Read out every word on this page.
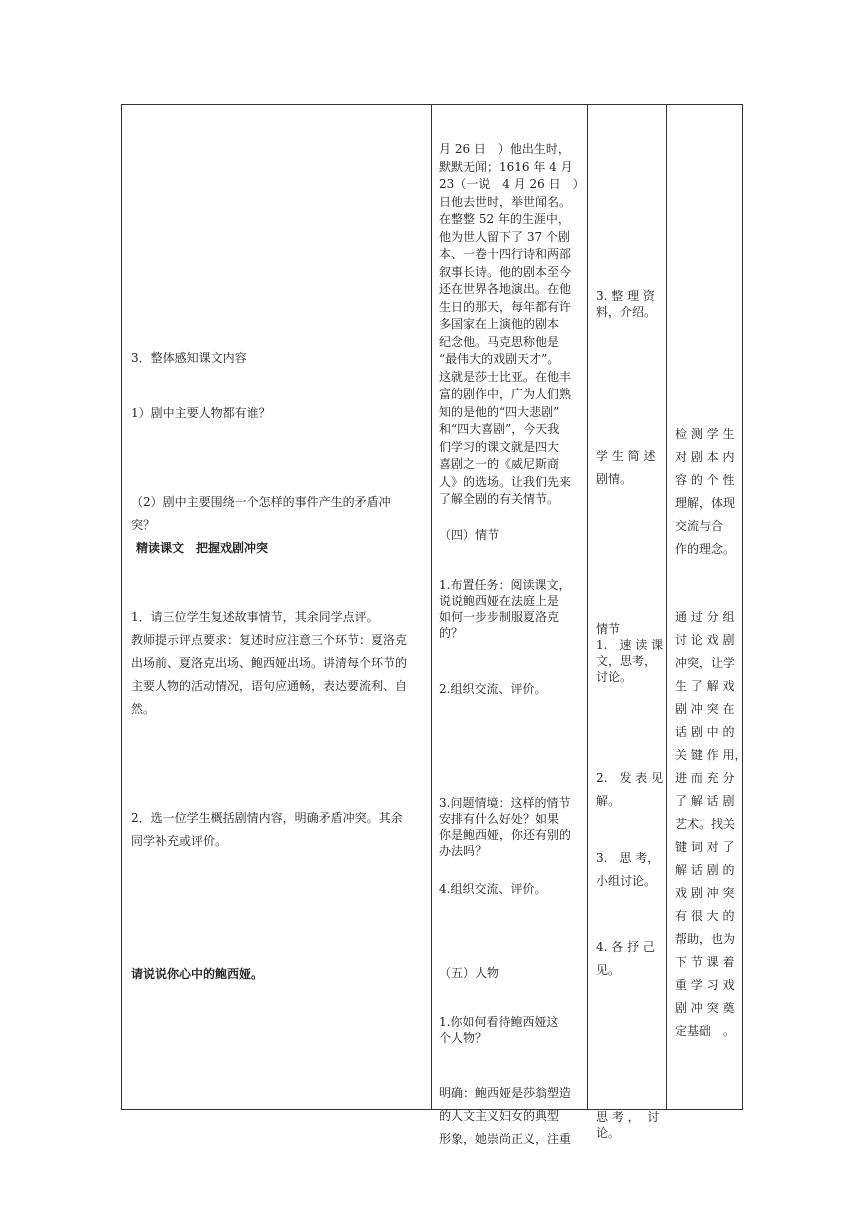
3．整体感知课文内容
1）剧中主要人物都有谁？

（2）剧中主要围绕一个怎样的事件产生的矛盾冲
突？

精读课文　把握戏剧冲突

1．请三位学生复述故事情节，其余同学点评。
教师提示评点要求：复述时应注意三个环节：夏洛克
出场前、夏洛克出场、鲍西娅出场。讲清每个环节的
主要人物的活动情况，语句应通畅，表达要流利、自
然。

2．选一位学生概括剧情内容，明确矛盾冲突。其余
同学补充或评价。

请说说你心中的鲍西娅。

月 26 日　）他出生时，
默默无闻；1616 年 4 月
23（一说　4 月 26 日　）
日他去世时，举世闻名。
在整整 52 年的生涯中，
他为世人留下了 37 个剧
本、一卷十四行诗和两部
叙事长诗。他的剧本至今
还在世界各地演出。在他
生日的那天，每年都有许
多国家在上演他的剧本
纪念他。马克思称他是
“最伟大的戏剧天才”。
这就是莎士比亚。在他丰
富的剧作中，广为人们熟
知的是他的“四大悲剧”
和“四大喜剧”，今天我
们学习的课文就是四大
喜剧之一的《威尼斯商
人》的选场。让我们先来
了解全剧的有关情节。

（四）情节

1.布置任务：阅读课文，
说说鲍西娅在法庭上是
如何一步步制服夏洛克
的？

2.组织交流、评价。

3.问题情境：这样的情节
安排有什么好处？如果
你是鲍西娅，你还有别的
办法吗？

4.组织交流、评价。
（五）人物

1.你如何看待鲍西娅这
个人物？

明确：鲍西娅是莎翁塑造
的人文主义妇女的典型
形象，她崇尚正义，注重

3. 整 理 资
料，介绍。

学 生 简 述
剧情。

情节
1.　速 读 课
文，思考，
讨论。

2.　发 表 见
解。

3.　思 考，
小组讨论。

4. 各 抒 己
见。

思 考 ，  讨
论。

检 测 学 生
对 剧 本 内
容 的 个 性
理解，体现
交流与合
作的理念。

通 过 分 组
讨 论 戏 剧
冲突，让学
生 了 解 戏
剧 冲 突 在
话 剧 中 的
关 键 作 用，
进 而 充 分
了 解 话 剧
艺术。找关
键 词 对 了
解 话 剧 的
戏 剧 冲 突
有 很 大 的
帮助，也为
下 节 课 着
重 学 习 戏
剧 冲 突 奠
定基础　。
